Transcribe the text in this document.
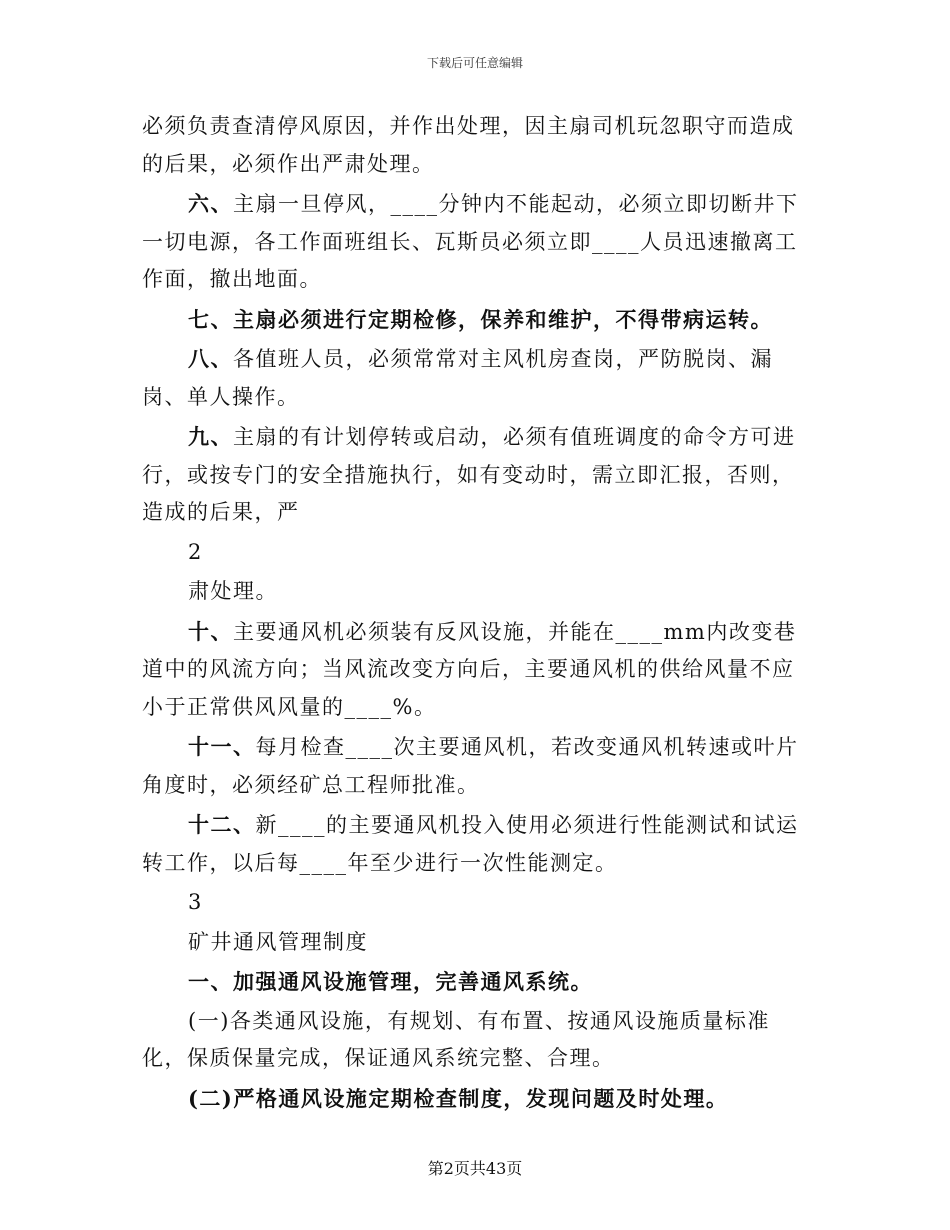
下载后可任意编辑

必须负责查清停风原因，并作出处理，因主扇司机玩忽职守而造成的后果，必须作出严肃处理。

六、主扇一旦停风，____分钟内不能起动，必须立即切断井下一切电源，各工作面班组长、瓦斯员必须立即____人员迅速撤离工作面，撤出地面。

七、主扇必须进行定期检修，保养和维护，不得带病运转。

八、各值班人员，必须常常对主风机房查岗，严防脱岗、漏岗、单人操作。

九、主扇的有计划停转或启动，必须有值班调度的命令方可进行，或按专门的安全措施执行，如有变动时，需立即汇报，否则，造成的后果，严

2

肃处理。

十、主要通风机必须装有反风设施，并能在____mm内改变巷道中的风流方向；当风流改变方向后，主要通风机的供给风量不应小于正常供风风量的____%。

十一、每月检查____次主要通风机，若改变通风机转速或叶片角度时，必须经矿总工程师批准。

十二、新____的主要通风机投入使用必须进行性能测试和试运转工作，以后每____年至少进行一次性能测定。

3

矿井通风管理制度

一、加强通风设施管理，完善通风系统。

(一)各类通风设施，有规划、有布置、按通风设施质量标准化，保质保量完成，保证通风系统完整、合理。

(二)严格通风设施定期检查制度，发现问题及时处理。

第2页共43页
